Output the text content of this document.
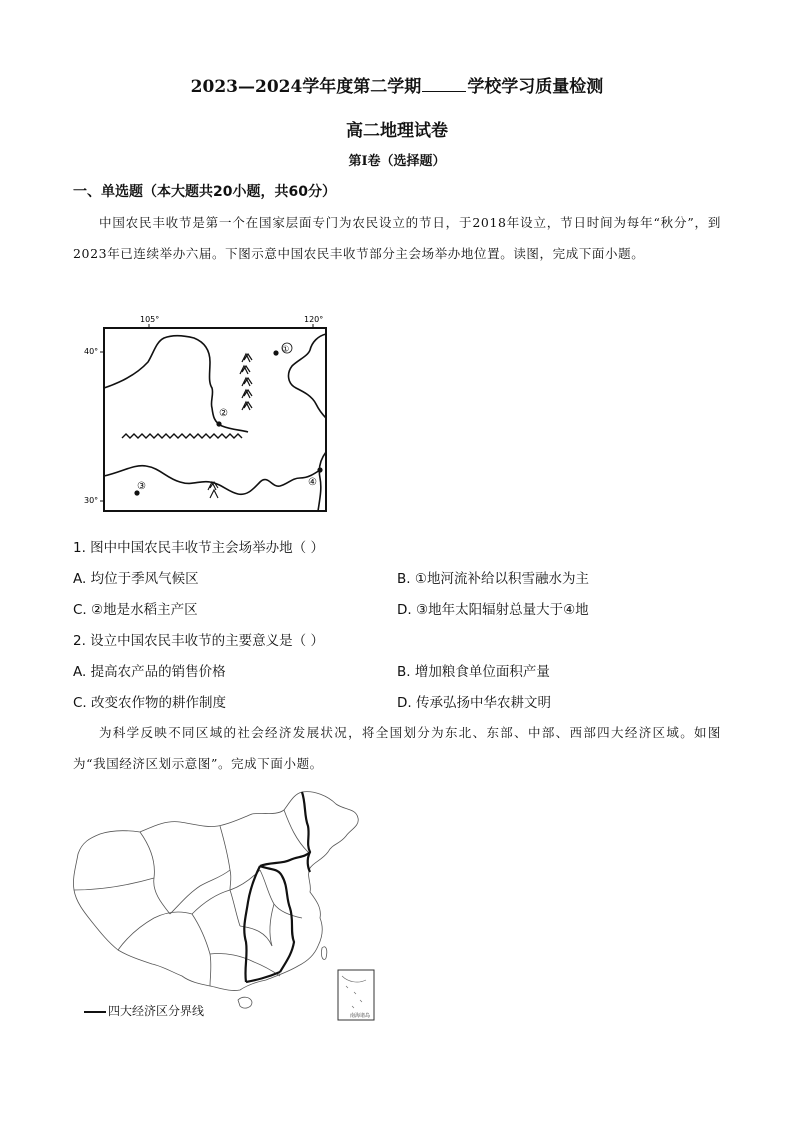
2023—2024学年度第二学期	学校学习质量检测
高二地理试卷
第Ⅰ卷（选择题）
一、单选题（本大题共20小题，共60分）

中国农民丰收节是第一个在国家层面专门为农民设立的节日，于2018年设立，节日时间为每年“秋分”，到2023年已连续举办六届。下图示意中国农民丰收节部分主会场举办地位置。读图，完成下面小题。

105°	120°
40°
30°
①
②
③	④
1. 图中中国农民丰收节主会场举办地（ ）
A. 均位于季风气候区	B. ①地河流补给以积雪融水为主
C. ②地是水稻主产区	D. ③地年太阳辐射总量大于④地
2. 设立中国农民丰收节的主要意义是（ ）
A. 提高农产品的销售价格	B. 增加粮食单位面积产量
C. 改变农作物的耕作制度	D. 传承弘扬中华农耕文明

为科学反映不同区域的社会经济发展状况，将全国划分为东北、东部、中部、西部四大经济区域。如图为“我国经济区划示意图”。完成下面小题。

南海诸岛
四大经济区分界线
